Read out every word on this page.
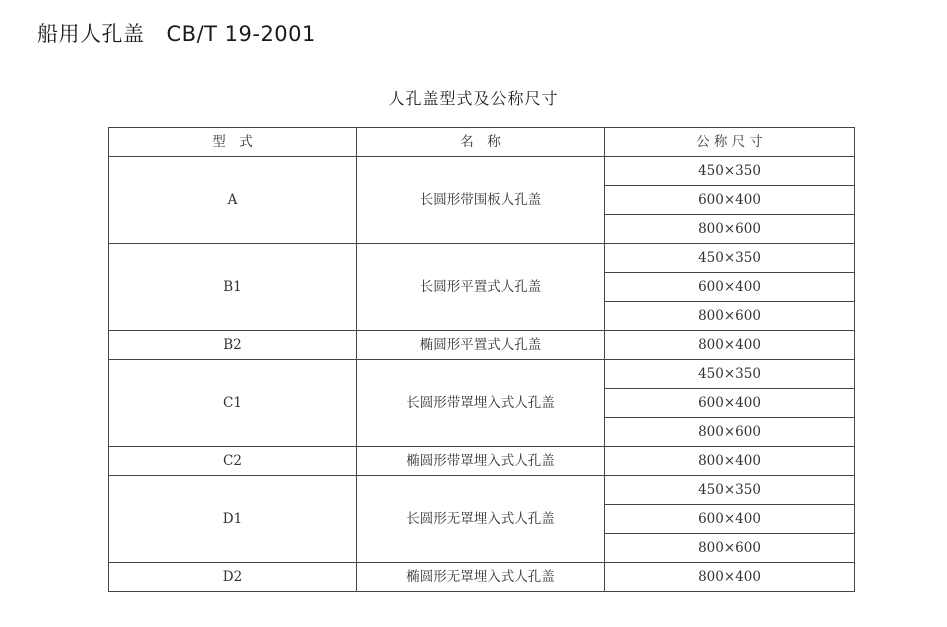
船用人孔盖 CB/T 19-2001
人孔盖型式及公称尺寸
型　式	名　称	公 称 尺 寸
A	长圆形带围板人孔盖	450×350
		600×400
		800×600
B1	长圆形平置式人孔盖	450×350
		600×400
		800×600
B2	椭圆形平置式人孔盖	800×400
C1	长圆形带罩埋入式人孔盖	450×350
		600×400
		800×600
C2	椭圆形带罩埋入式人孔盖	800×400
D1	长圆形无罩埋入式人孔盖	450×350
		600×400
		800×600
D2	椭圆形无罩埋入式人孔盖	800×400
